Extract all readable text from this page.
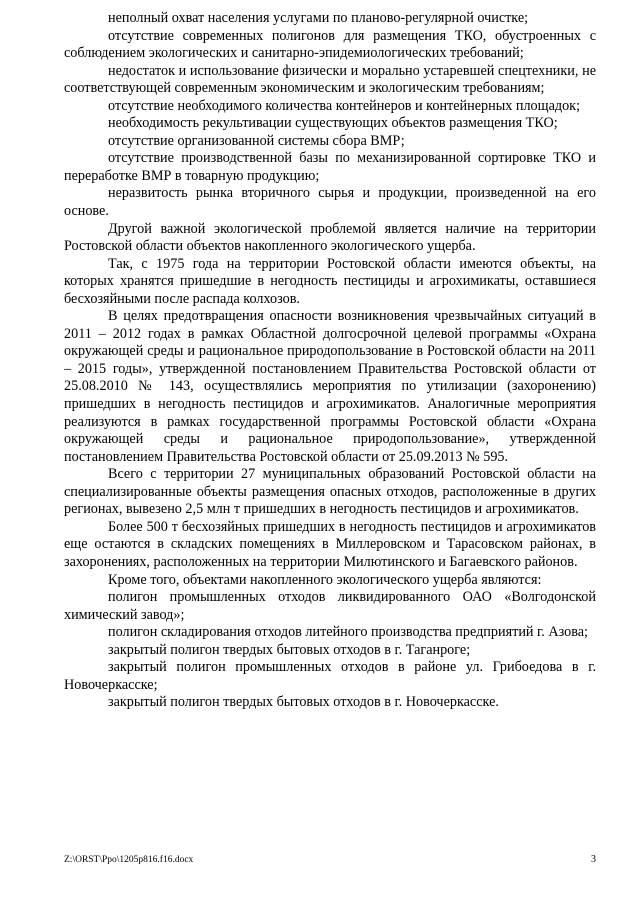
неполный охват населения услугами по планово-регулярной очистке;

отсутствие современных полигонов для размещения ТКО, обустроенных с соблюдением экологических и санитарно-эпидемиологических требований;

недостаток и использование физически и морально устаревшей спецтехники, не соответствующей современным экономическим и экологическим требованиям;

отсутствие необходимого количества контейнеров и контейнерных площадок;

необходимость рекультивации существующих объектов размещения ТКО;

отсутствие организованной системы сбора ВМР;

отсутствие производственной базы по механизированной сортировке ТКО и переработке ВМР в товарную продукцию;

неразвитость рынка вторичного сырья и продукции, произведенной на его основе.

Другой важной экологической проблемой является наличие на территории Ростовской области объектов накопленного экологического ущерба.

Так, с 1975 года на территории Ростовской области имеются объекты, на которых хранятся пришедшие в негодность пестициды и агрохимикаты, оставшиеся бесхозяйными после распада колхозов.

В целях предотвращения опасности возникновения чрезвычайных ситуаций в 2011 – 2012 годах в рамках Областной долгосрочной целевой программы «Охрана окружающей среды и рациональное природопользование в Ростовской области на 2011 – 2015 годы», утвержденной постановлением Правительства Ростовской области от 25.08.2010 № 143, осуществлялись мероприятия по утилизации (захоронению) пришедших в негодность пестицидов и агрохимикатов. Аналогичные мероприятия реализуются в рамках государственной программы Ростовской области «Охрана окружающей среды и рациональное природопользование», утвержденной постановлением Правительства Ростовской области от 25.09.2013 № 595.

Всего с территории 27 муниципальных образований Ростовской области на специализированные объекты размещения опасных отходов, расположенные в других регионах, вывезено 2,5 млн т пришедших в негодность пестицидов и агрохимикатов.

Более 500 т бесхозяйных пришедших в негодность пестицидов и агрохимикатов еще остаются в складских помещениях в Миллеровском и Тарасовском районах, в захоронениях, расположенных на территории Милютинского и Багаевского районов.

Кроме того, объектами накопленного экологического ущерба являются:

полигон промышленных отходов ликвидированного ОАО «Волгодонской химический завод»;

полигон складирования отходов литейного производства предприятий г. Азова;

закрытый полигон твердых бытовых отходов в г. Таганроге;

закрытый полигон промышленных отходов в районе ул. Грибоедова в г. Новочеркасске;

закрытый полигон твердых бытовых отходов в г. Новочеркасске.

Z:\ORST\Ppo\1205p816.f16.docx	3
